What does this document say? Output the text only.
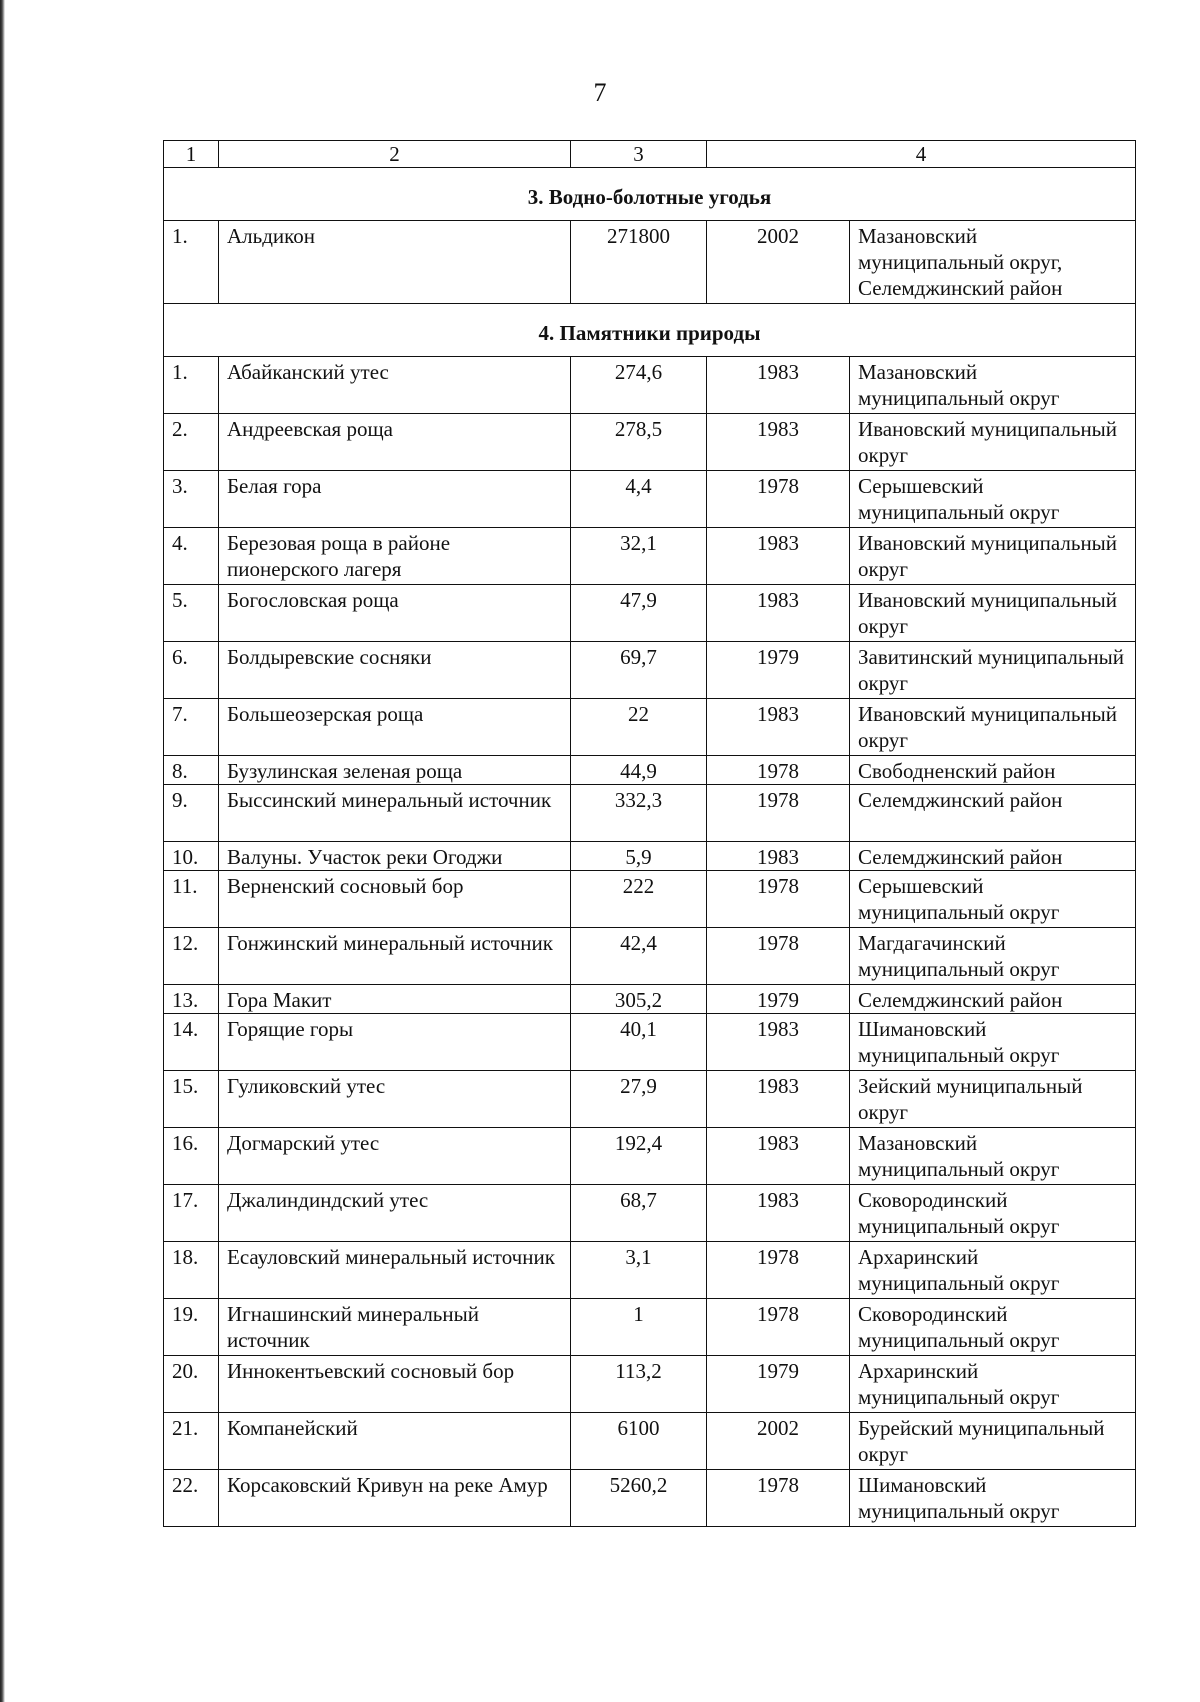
7
1	2	3	4	
3. Водно-болотные угодья				
1.	Альдикон	271800	2002	Мазановский муниципальный округ, Селемджинский район
4. Памятники природы				
1.	Абайканский утес	274,6	1983	Мазановский муниципальный округ
2.	Андреевская роща	278,5	1983	Ивановский муниципальный округ
3.	Белая гора	4,4	1978	Серышевский муниципальный округ
4.	Березовая роща в районе пионерского лагеря	32,1	1983	Ивановский муниципальный округ
5.	Богословская роща	47,9	1983	Ивановский муниципальный округ
6.	Болдыревские сосняки	69,7	1979	Завитинский муниципальный округ
7.	Большеозерская роща	22	1983	Ивановский муниципальный округ
8.	Бузулинская зеленая роща	44,9	1978	Свободненский район
9.	Быссинский минеральный источник	332,3	1978	Селемджинский район
10.	Валуны. Участок реки Огоджи	5,9	1983	Селемджинский район
11.	Верненский сосновый бор	222	1978	Серышевский муниципальный округ
12.	Гонжинский минеральный источник	42,4	1978	Магдагачинский муниципальный округ
13.	Гора Макит	305,2	1979	Селемджинский район
14.	Горящие горы	40,1	1983	Шимановский муниципальный округ
15.	Гуликовский утес	27,9	1983	Зейский муниципальный округ
16.	Догмарский утес	192,4	1983	Мазановский муниципальный округ
17.	Джалиндиндский утес	68,7	1983	Сковородинский муниципальный округ
18.	Есауловский минеральный источник	3,1	1978	Архаринский муниципальный округ
19.	Игнашинский минеральный источник	1	1978	Сковородинский муниципальный округ
20.	Иннокентьевский сосновый бор	113,2	1979	Архаринский муниципальный округ
21.	Компанейский	6100	2002	Бурейский муниципальный округ
22.	Корсаковский Кривун на реке Амур	5260,2	1978	Шимановский муниципальный округ
